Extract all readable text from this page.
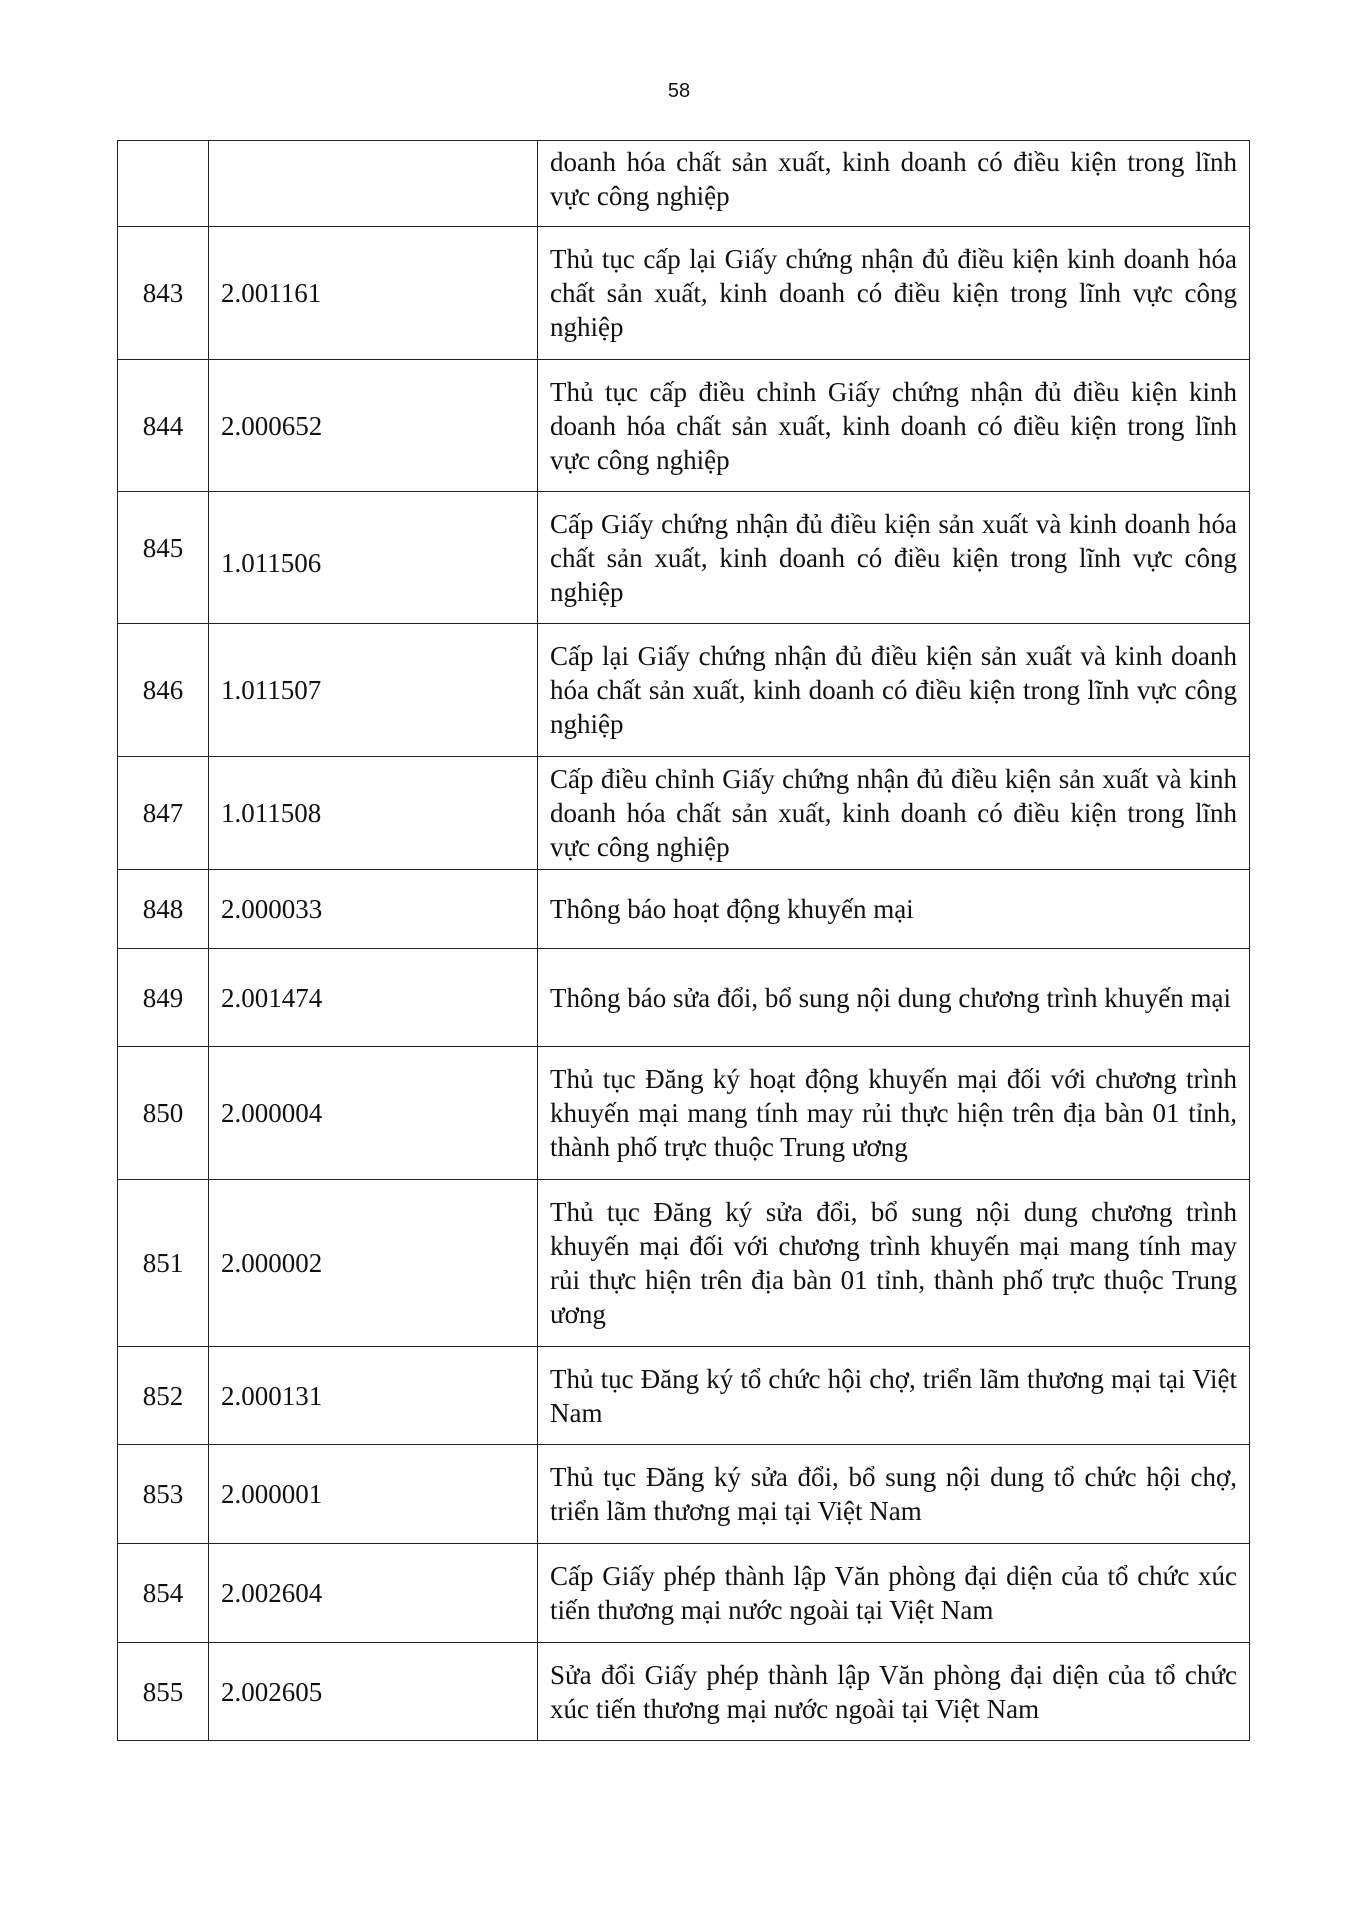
58
		doanh hóa chất sản xuất, kinh doanh có điều kiện trong lĩnh vực công nghiệp
843	2.001161	Thủ tục cấp lại Giấy chứng nhận đủ điều kiện kinh doanh hóa chất sản xuất, kinh doanh có điều kiện trong lĩnh vực công nghiệp
844	2.000652	Thủ tục cấp điều chỉnh Giấy chứng nhận đủ điều kiện kinh doanh hóa chất sản xuất, kinh doanh có điều kiện trong lĩnh vực công nghiệp
845	1.011506	Cấp Giấy chứng nhận đủ điều kiện sản xuất và kinh doanh hóa chất sản xuất, kinh doanh có điều kiện trong lĩnh vực công nghiệp
846	1.011507	Cấp lại Giấy chứng nhận đủ điều kiện sản xuất và kinh doanh hóa chất sản xuất, kinh doanh có điều kiện trong lĩnh vực công nghiệp
847	1.011508	Cấp điều chỉnh Giấy chứng nhận đủ điều kiện sản xuất và kinh doanh hóa chất sản xuất, kinh doanh có điều kiện trong lĩnh vực công nghiệp
848	2.000033	Thông báo hoạt động khuyến mại
849	2.001474	Thông báo sửa đổi, bổ sung nội dung chương trình khuyến mại
850	2.000004	Thủ tục Đăng ký hoạt động khuyến mại đối với chương trình khuyến mại mang tính may rủi thực hiện trên địa bàn 01 tỉnh, thành phố trực thuộc Trung ương
851	2.000002	Thủ tục Đăng ký sửa đổi, bổ sung nội dung chương trình khuyến mại đối với chương trình khuyến mại mang tính may rủi thực hiện trên địa bàn 01 tỉnh, thành phố trực thuộc Trung ương
852	2.000131	Thủ tục Đăng ký tổ chức hội chợ, triển lãm thương mại tại Việt Nam
853	2.000001	Thủ tục Đăng ký sửa đổi, bổ sung nội dung tổ chức hội chợ, triển lãm thương mại tại Việt Nam
854	2.002604	Cấp Giấy phép thành lập Văn phòng đại diện của tổ chức xúc tiến thương mại nước ngoài tại Việt Nam
855	2.002605	Sửa đổi Giấy phép thành lập Văn phòng đại diện của tổ chức xúc tiến thương mại nước ngoài tại Việt Nam
